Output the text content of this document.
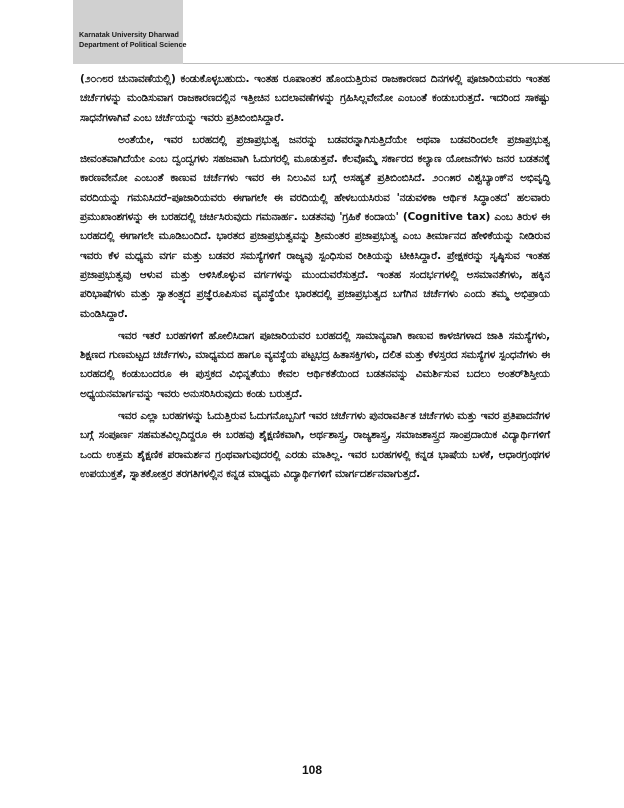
Karnatak University Dharwad
Department of Political Science

(೨೦೧೮ರ ಚುನಾವಣೆಯಲ್ಲಿ) ಕಂಡುಕೊಳ್ಳಬಹುದು. ಇಂತಹ ರೂಪಾಂತರ ಹೊಂದುತ್ತಿರುವ ರಾಜಕಾರಣದ ದಿನಗಳಲ್ಲಿ ಪೂಜಾರಿಯವರು ಇಂತಹ ಚರ್ಚೆಗಳನ್ನು ಮಂಡಿಸುವಾಗ ರಾಜಕಾರಣದಲ್ಲಿನ ಇತ್ತೀಚಿನ ಬದಲಾವಣೆಗಳನ್ನು ಗ್ರಹಿಸಿಲ್ಲವೇನೋ ಎಂಬಂತೆ ಕಂಡುಬರುತ್ತದೆ. ಇದರಿಂದ ಸಾಕಷ್ಟು ಸಾಧನೆಗಳಾಗಿವೆ ಎಂಬ ಚರ್ಚೆಯನ್ನು ಇವರು ಪ್ರತಿಬಿಂಬಿಸಿದ್ದಾರೆ.

ಅಂತೆಯೇ, ಇವರ ಬರಹದಲ್ಲಿ ಪ್ರಜಾಪ್ರಭುತ್ವ ಜನರನ್ನು ಬಡವರನ್ನಾಗಿಸುತ್ತಿದೆಯೇ ಅಥವಾ ಬಡವರಿಂದಲೇ ಪ್ರಜಾಪ್ರಭುತ್ವ ಜೀವಂತವಾಗಿದೆಯೇ ಎಂಬ ದ್ವಂದ್ವಗಳು ಸಹಜವಾಗಿ ಓದುಗರಲ್ಲಿ ಮೂಡುತ್ತವೆ. ಕೆಲವೊಮ್ಮೆ ಸರ್ಕಾರದ ಕಲ್ಯಾಣ ಯೋಜನೆಗಳು ಜನರ ಬಡತನಕ್ಕೆ ಕಾರಣವೇನೋ ಎಂಬಂತೆ ಕಾಣುವ ಚರ್ಚೆಗಳು ಇವರ ಈ ನಿಲುವಿನ ಬಗ್ಗೆ ಅಸಹ್ಯತೆ ಪ್ರತಿಬಿಂಬಿಸಿದೆ. ೨೦೧೫ರ ವಿಶ್ವಬ್ಯಾಂಕ್‌ನ ಅಭಿವೃದ್ಧಿ ವರದಿಯನ್ನು ಗಮನಿಸಿದರೆ–ಪೂಜಾರಿಯವರು ಈಗಾಗಲೇ ಈ ವರದಿಯಲ್ಲಿ ಹೇಳಬಯಸಿರುವ 'ನಡುವಳಿಕಾ ಆರ್ಥಿಕ ಸಿದ್ಧಾಂತದ' ಹಲವಾರು ಪ್ರಮುಖಾಂಶಗಳನ್ನು ಈ ಬರಹದಲ್ಲಿ ಚರ್ಚಿಸಿರುವುದು ಗಮನಾರ್ಹ. ಬಡತನವು 'ಗ್ರಹಿಕೆ ಕಂದಾಯ' (Cognitive tax) ಎಂಬ ತಿರುಳ ಈ ಬರಹದಲ್ಲಿ ಈಗಾಗಲೇ ಮೂಡಿಬಂದಿದೆ. ಭಾರತದ ಪ್ರಜಾಪ್ರಭುತ್ವವನ್ನು ಶ್ರೀಮಂತರ ಪ್ರಜಾಪ್ರಭುತ್ವ ಎಂಬ ತೀರ್ಮಾನದ ಹೇಳಿಕೆಯನ್ನು ನೀಡಿರುವ ಇವರು ಕೆಳ ಮಧ್ಯಮ ವರ್ಗ ಮತ್ತು ಬಡವರ ಸಮಸ್ಯೆಗಳಿಗೆ ರಾಜ್ಯವು ಸ್ಪಂಧಿಸುವ ರೀತಿಯನ್ನು ಟೀಕಿಸಿದ್ದಾರೆ. ಪ್ರೇಕ್ಷಕರನ್ನು ಸೃಷ್ಠಿಸುವ ಇಂತಹ ಪ್ರಜಾಪ್ರಭುತ್ವವು ಆಳುವ ಮತ್ತು ಆಳಿಸಿಕೊಳ್ಳುವ ವರ್ಗಗಳನ್ನು ಮುಂದುವರೆಸುತ್ತದೆ. ಇಂತಹ ಸಂದರ್ಭಗಳಲ್ಲಿ ಅಸಮಾನತೆಗಳು, ಹಕ್ಕಿನ ಪರಿಭಾಷೆಗಳು ಮತ್ತು ಸ್ವಾತಂತ್ರ್ಯದ ಪ್ರಜ್ಞೆರೂಪಿಸುವ ವ್ಯವಸ್ಥೆಯೇ ಭಾರತದಲ್ಲಿ ಪ್ರಜಾಪ್ರಭುತ್ವದ ಬಗೆಗಿನ ಚರ್ಚೆಗಳು ಎಂದು ತಮ್ಮ ಅಭಿಪ್ರಾಯ ಮಂಡಿಸಿದ್ದಾರೆ.

ಇವರ ಇತರೆ ಬರಹಗಳಿಗೆ ಹೋಲಿಸಿದಾಗ ಪೂಜಾರಿಯವರ ಬರಹದಲ್ಲಿ ಸಾಮಾನ್ಯವಾಗಿ ಕಾಣುವ ಕಾಳಜಿಗಳಾದ ಜಾತಿ ಸಮಸ್ಯೆಗಳು, ಶಿಕ್ಷಣದ ಗುಣಮಟ್ಟದ ಚರ್ಚೆಗಳು, ಮಾಧ್ಯಮದ ಹಾಗೂ ವ್ಯವಸ್ಥೆಯ ಪಟ್ಟಭದ್ರ ಹಿತಾಸಕ್ತಿಗಳು, ದಲಿತ ಮತ್ತು ಕೆಳಸ್ತರದ ಸಮಸ್ಯೆಗಳ ಸ್ಪಂಧನೆಗಳು ಈ ಬರಹದಲ್ಲಿ ಕಂಡುಬಂದರೂ ಈ ಪುಸ್ತಕದ ವಿಭಿನ್ನತೆಯು ಕೇವಲ ಆರ್ಥಿಕತೆಯಿಂದ ಬಡತನವನ್ನು ವಿಮರ್ಶಿಸುವ ಬದಲು ಅಂತರ್‌ಶಿಸ್ತೀಯ ಅಧ್ಯಯನಮಾರ್ಗವನ್ನು ಇವರು ಅನುಸರಿಸಿರುವುದು ಕಂಡು ಬರುತ್ತದೆ.

ಇವರ ಎಲ್ಲಾ ಬರಹಗಳನ್ನು ಓದುತ್ತಿರುವ ಓದುಗನೊಬ್ಬನಿಗೆ ಇವರ ಚರ್ಚೆಗಳು ಪುನರಾವರ್ತಿತ ಚರ್ಚೆಗಳು ಮತ್ತು ಇವರ ಪ್ರತಿಪಾದನೆಗಳ ಬಗ್ಗೆ ಸಂಪೂರ್ಣ ಸಹಮತವಿಲ್ಲದಿದ್ದರೂ ಈ ಬರಹವು ಶೈಕ್ಷಣಿಕವಾಗಿ, ಅರ್ಥಶಾಸ್ತ್ರ, ರಾಜ್ಯಶಾಸ್ತ್ರ, ಸಮಾಜಶಾಸ್ತ್ರದ ಸಾಂಪ್ರದಾಯಿಕ ವಿದ್ಯಾರ್ಥಿಗಳಿಗೆ ಒಂದು ಉತ್ತಮ ಶೈಕ್ಷಣಿಕ ಪರಾಮರ್ಶನ ಗ್ರಂಥವಾಗುವುದರಲ್ಲಿ ಎರಡು ಮಾತಿಲ್ಲ. ಇವರ ಬರಹಗಳಲ್ಲಿ ಕನ್ನಡ ಭಾಷೆಯ ಬಳಕೆ, ಆಧಾರಗ್ರಂಥಗಳ ಉಪಯುಕ್ತತೆ, ಸ್ನಾತಕೋತ್ತರ ತರಗತಿಗಳಲ್ಲಿನ ಕನ್ನಡ ಮಾಧ್ಯಮ ವಿದ್ಯಾರ್ಥಿಗಳಿಗೆ ಮಾರ್ಗದರ್ಶನವಾಗುತ್ತದೆ.

108
